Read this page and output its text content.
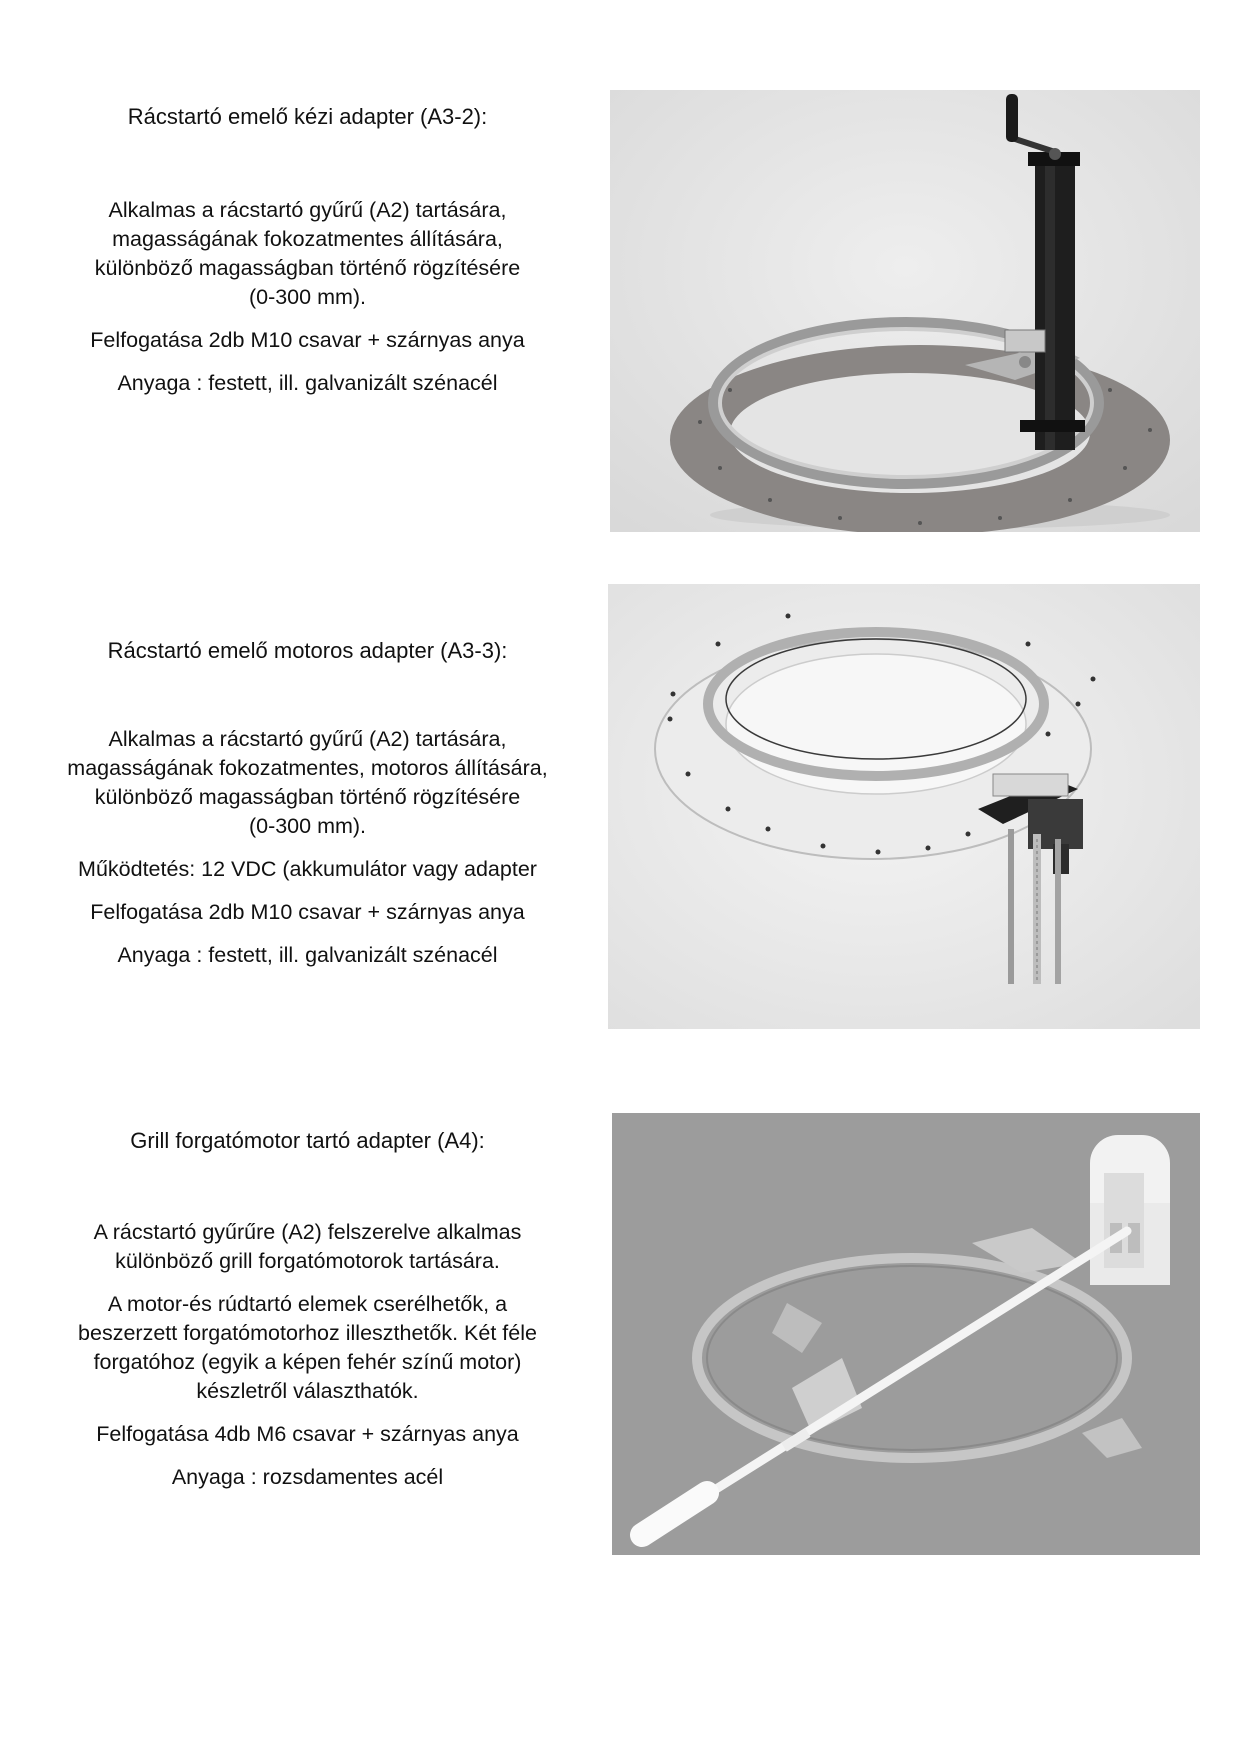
Rácstartó emelő kézi adapter (A3-2):

Alkalmas a rácstartó gyűrű (A2) tartására,
magasságának fokozatmentes állítására,
különböző magasságban történő rögzítésére
(0-300 mm).

Felfogatása 2db M10 csavar + szárnyas anya

Anyaga : festett, ill. galvanizált szénacél

Rácstartó emelő motoros adapter (A3-3):

Alkalmas a rácstartó gyűrű (A2) tartására,
magasságának fokozatmentes, motoros állítására,
különböző magasságban történő rögzítésére
(0-300 mm).

Működtetés: 12 VDC (akkumulátor vagy adapter

Felfogatása 2db M10 csavar + szárnyas anya

Anyaga : festett, ill. galvanizált szénacél

Grill forgatómotor tartó adapter (A4):

A rácstartó gyűrűre (A2) felszerelve alkalmas
különböző grill forgatómotorok tartására.

A motor-és rúdtartó elemek cserélhetők, a
beszerzett forgatómotorhoz illeszthetők. Két féle
forgatóhoz (egyik a képen fehér színű motor)
készletről választhatók.

Felfogatása 4db M6 csavar + szárnyas anya

Anyaga : rozsdamentes acél
